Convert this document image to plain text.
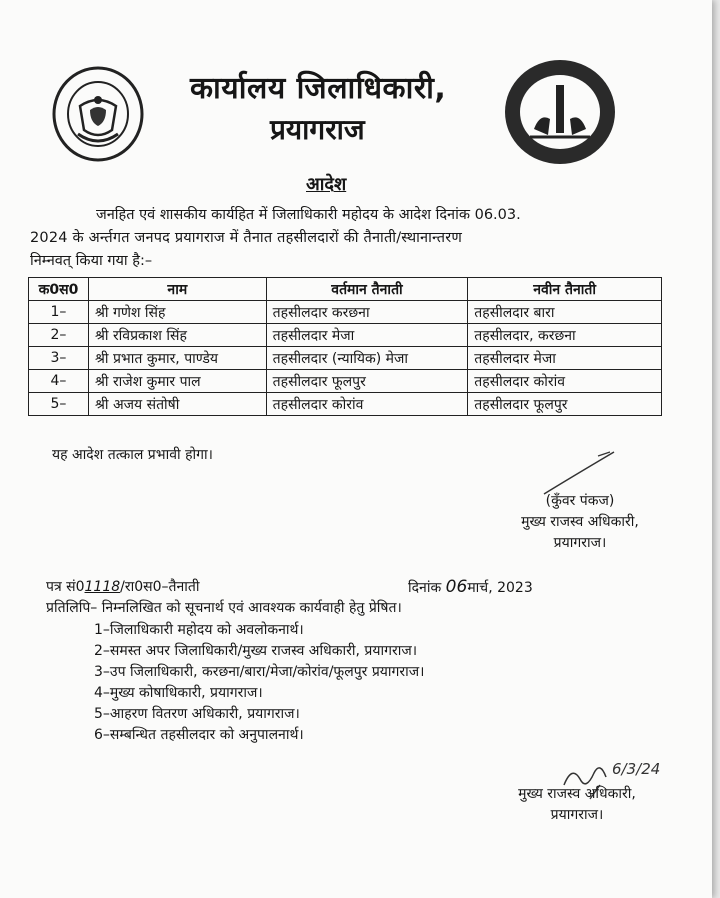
कार्यालय जिलाधिकारी,
प्रयागराज
आदेश
जनहित एवं शासकीय कार्यहित में जिलाधिकारी महोदय के आदेश दिनांक 06.03.
2024 के अर्न्तगत जनपद प्रयागराज में तैनात तहसीलदारों की तैनाती/स्थानान्तरण
निम्नवत् किया गया है:–
क0स0	नाम	वर्तमान तैनाती	नवीन तैनाती
1–	श्री गणेश सिंह	तहसीलदार करछना	तहसीलदार बारा
2–	श्री रविप्रकाश सिंह	तहसीलदार मेजा	तहसीलदार, करछना
3–	श्री प्रभात कुमार, पाण्डेय	तहसीलदार (न्यायिक) मेजा	तहसीलदार मेजा
4–	श्री राजेश कुमार पाल	तहसीलदार फूलपुर	तहसीलदार कोरांव
5–	श्री अजय संतोषी	तहसीलदार कोरांव	तहसीलदार फूलपुर
यह आदेश तत्काल प्रभावी होगा।
(कुँवर पंकज)
मुख्य राजस्व अधिकारी,
प्रयागराज।
पत्र सं01118/रा0स0–तैनाती	दिनांक 06मार्च, 2023
प्रतिलिपि– निम्नलिखित को सूचनार्थ एवं आवश्यक कार्यवाही हेतु प्रेषित।
1–जिलाधिकारी महोदय को अवलोकनार्थ।
2–समस्त अपर जिलाधिकारी/मुख्य राजस्व अधिकारी, प्रयागराज।
3–उप जिलाधिकारी, करछना/बारा/मेजा/कोरांव/फूलपुर प्रयागराज।
4–मुख्य कोषाधिकारी, प्रयागराज।
5–आहरण वितरण अधिकारी, प्रयागराज।
6–सम्बन्धित तहसीलदार को अनुपालनार्थ।
6/3/24
मुख्य राजस्व अधिकारी,
प्रयागराज।
